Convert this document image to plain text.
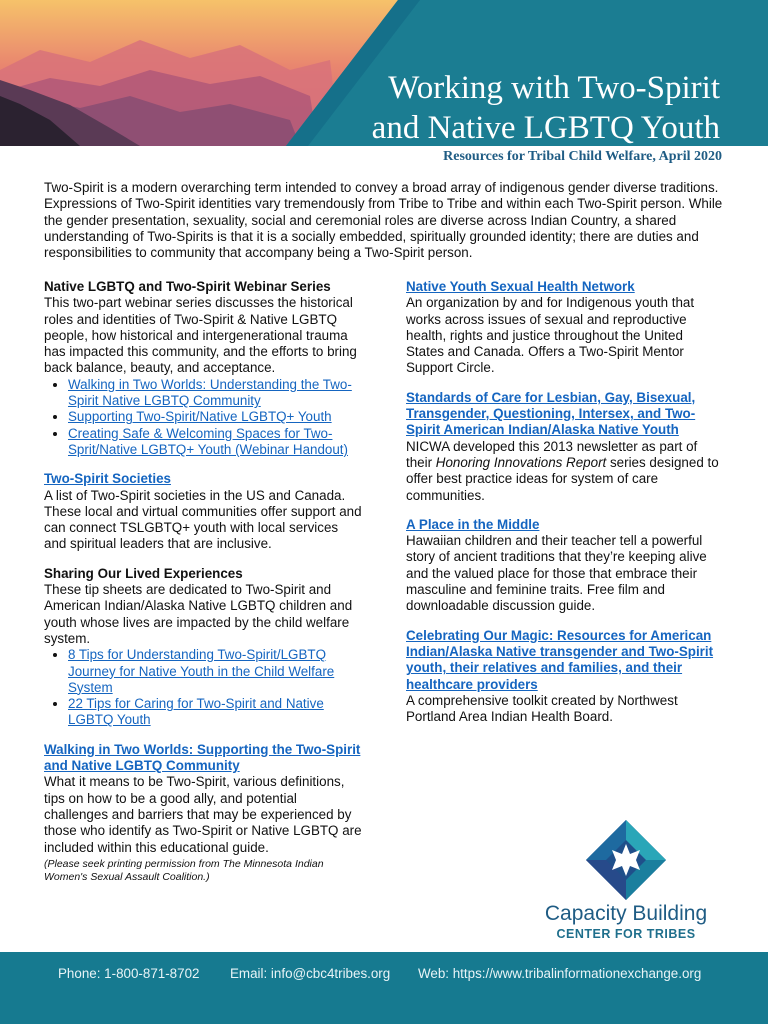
Working with Two-Spirit
and Native LGBTQ Youth
Resources for Tribal Child Welfare, April 2020

Two-Spirit is a modern overarching term intended to convey a broad array of indigenous gender diverse traditions. Expressions of Two-Spirit identities vary tremendously from Tribe to Tribe and within each Two-Spirit person. While the gender presentation, sexuality, social and ceremonial roles are diverse across Indian Country, a shared understanding of Two-Spirits is that it is a socially embedded, spiritually grounded identity; there are duties and responsibilities to community that accompany being a Two-Spirit person.

Native LGBTQ and Two-Spirit Webinar Series

This two-part webinar series discusses the historical roles and identities of Two-Spirit & Native LGBTQ people, how historical and intergenerational trauma has impacted this community, and the efforts to bring back balance, beauty, and acceptance.

• Walking in Two Worlds: Understanding the Two-Spirit Native LGBTQ Community
• Supporting Two-Spirit/Native LGBTQ+ Youth
• Creating Safe & Welcoming Spaces for Two-Sprit/Native LGBTQ+ Youth (Webinar Handout)

Two-Spirit Societies

A list of Two-Spirit societies in the US and Canada. These local and virtual communities offer support and can connect TSLGBTQ+ youth with local services and spiritual leaders that are inclusive.

Sharing Our Lived Experiences

These tip sheets are dedicated to Two-Spirit and American Indian/Alaska Native LGBTQ children and youth whose lives are impacted by the child welfare system.

• 8 Tips for Understanding Two-Spirit/LGBTQ Journey for Native Youth in the Child Welfare System
• 22 Tips for Caring for Two-Spirit and Native LGBTQ Youth

Walking in Two Worlds: Supporting the Two-Spirit and Native LGBTQ Community

What it means to be Two-Spirit, various definitions, tips on how to be a good ally, and potential challenges and barriers that may be experienced by those who identify as Two-Spirit or Native LGBTQ are included within this educational guide.

(Please seek printing permission from The Minnesota Indian Women's Sexual Assault Coalition.)

Native Youth Sexual Health Network

An organization by and for Indigenous youth that works across issues of sexual and reproductive health, rights and justice throughout the United States and Canada. Offers a Two-Spirit Mentor Support Circle.

Standards of Care for Lesbian, Gay, Bisexual, Transgender, Questioning, Intersex, and Two-Spirit American Indian/Alaska Native Youth

NICWA developed this 2013 newsletter as part of their Honoring Innovations Report series designed to offer best practice ideas for system of care communities.

A Place in the Middle

Hawaiian children and their teacher tell a powerful story of ancient traditions that they’re keeping alive and the valued place for those that embrace their masculine and feminine traits. Free film and downloadable discussion guide.

Celebrating Our Magic: Resources for American Indian/Alaska Native transgender and Two-Spirit youth, their relatives and families, and their healthcare providers

A comprehensive toolkit created by Northwest Portland Area Indian Health Board.

Capacity Building
CENTER FOR TRIBES
Phone: 1-800-871-8702 Email: info@cbc4tribes.org Web: https://www.tribalinformationexchange.org
